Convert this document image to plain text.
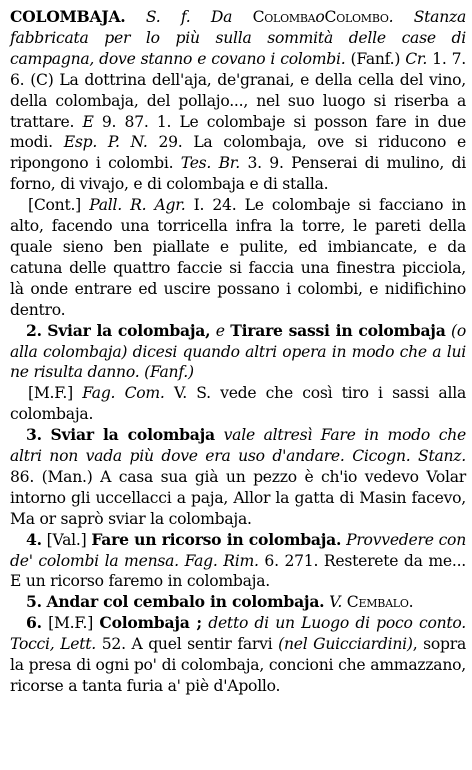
COLOMBAJA. S. f. Da ColombaoColombo. Stanza fabbricata per lo più sulla sommità delle case di campagna, dove stanno e covano i colombi. (Fanf.) Cr. 1. 7. 6. (C) La dottrina dell'aja, de'granai, e della cella del vino, della colombaja, del pollajo..., nel suo luogo si riserba a trattare. E 9. 87. 1. Le colombaje si posson fare in due modi. Esp. P. N. 29. La colombaja, ove si riducono e ripongono i colombi. Tes. Br. 3. 9. Penserai di mulino, di forno, di vivajo, e di colombaja e di stalla.

[Cont.] Pall. R. Agr. I. 24. Le colombaje si facciano in alto, facendo una torricella infra la torre, le pareti della quale sieno ben piallate e pulite, ed imbiancate, e da catuna delle quattro faccie si faccia una finestra picciola, là onde entrare ed uscire possano i colombi, e nidifichino dentro.

2. Sviar la colombaja, e Tirare sassi in colombaja (o alla colombaja) dicesi quando altri opera in modo che a lui ne risulta danno. (Fanf.)

[M.F.] Fag. Com. V. S. vede che così tiro i sassi alla colombaja.

3. Sviar la colombaja vale altresì Fare in modo che altri non vada più dove era uso d'andare. Cicogn. Stanz. 86. (Man.) A casa sua già un pezzo è ch'io vedevo Volar intorno gli uccellacci a paja, Allor la gatta di Masin facevo, Ma or saprò sviar la colombaja.

4. [Val.] Fare un ricorso in colombaja. Provvedere con de' colombi la mensa. Fag. Rim. 6. 271. Resterete da me... E un ricorso faremo in colombaja.

5. Andar col cembalo in colombaja. V. Cembalo.

6. [M.F.] Colombaja ; detto di un Luogo di poco conto. Tocci, Lett. 52. A quel sentir farvi (nel Guicciardini), sopra la presa di ogni po' di colombaja, concioni che ammazzano, ricorse a tanta furia a' piè d'Apollo.
